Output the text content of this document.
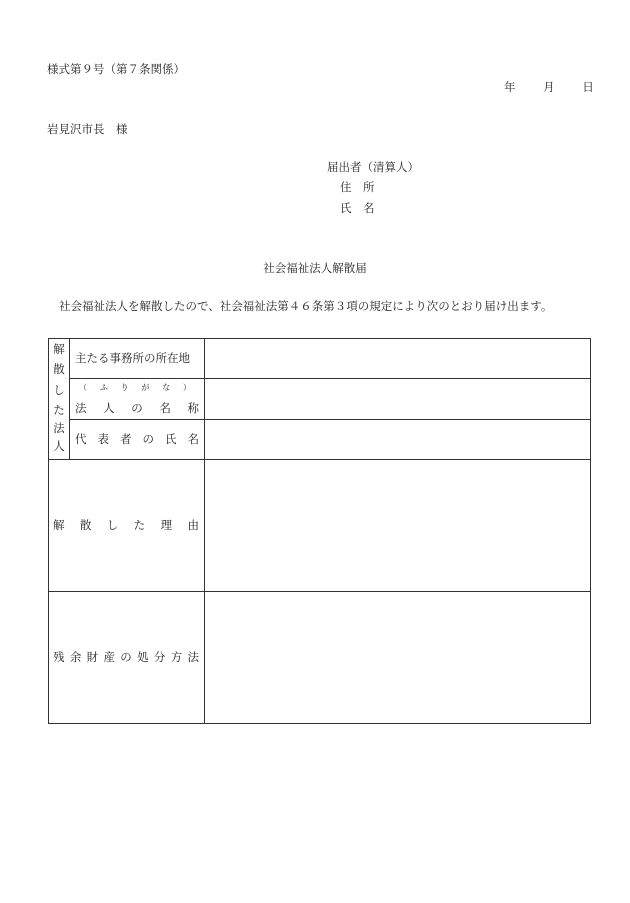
様式第９号（第７条関係）
年 月 日
岩見沢市長　様
届出者（清算人）
住　所
氏　名
社会福祉法人解散届
社会福祉法人を解散したので、社会福祉法第４６条第３項の規定により次のとおり届け出ます。
解
散
し
た
法
人
主たる事務所の所在地
（ ふ り が な ）
法 人 の 名 称
代 表 者 の 氏 名
解 散 し た 理 由
残 余 財 産 の 処 分 方 法
